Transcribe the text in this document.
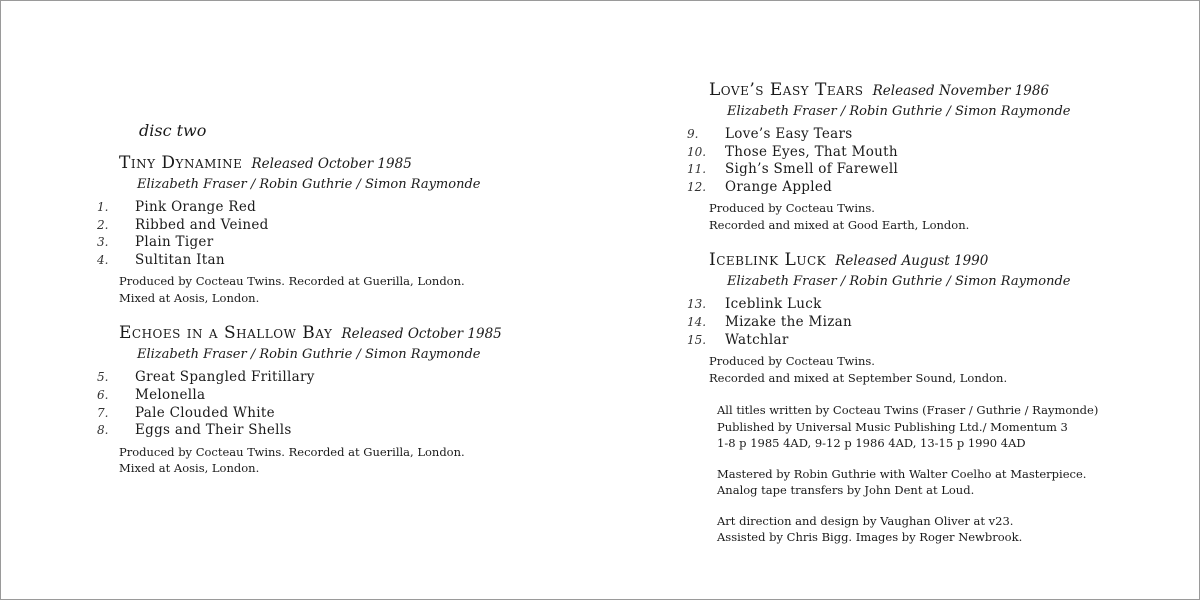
disc two
Tiny Dynamine Released October 1985
Elizabeth Fraser / Robin Guthrie / Simon Raymonde
1.	Pink Orange Red
2.	Ribbed and Veined
3.	Plain Tiger
4.	Sultitan Itan

Produced by Cocteau Twins. Recorded at Guerilla, London.

Mixed at Aosis, London.

Echoes in a Shallow Bay Released October 1985
Elizabeth Fraser / Robin Guthrie / Simon Raymonde
5.	Great Spangled Fritillary
6.	Melonella
7.	Pale Clouded White
8.	Eggs and Their Shells

Produced by Cocteau Twins. Recorded at Guerilla, London.

Mixed at Aosis, London.

Love’s Easy Tears Released November 1986
Elizabeth Fraser / Robin Guthrie / Simon Raymonde
9.	Love’s Easy Tears
10.	Those Eyes, That Mouth
11.	Sigh’s Smell of Farewell
12.	Orange Appled

Produced by Cocteau Twins.

Recorded and mixed at Good Earth, London.

Iceblink Luck Released August 1990
Elizabeth Fraser / Robin Guthrie / Simon Raymonde
13.	Iceblink Luck
14.	Mizake the Mizan
15.	Watchlar

Produced by Cocteau Twins.

Recorded and mixed at September Sound, London.

All titles written by Cocteau Twins (Fraser / Guthrie / Raymonde)

Published by Universal Music Publishing Ltd./ Momentum 3

1-8 p 1985 4AD, 9-12 p 1986 4AD, 13-15 p 1990 4AD

Mastered by Robin Guthrie with Walter Coelho at Masterpiece.

Analog tape transfers by John Dent at Loud.

Art direction and design by Vaughan Oliver at v23.

Assisted by Chris Bigg. Images by Roger Newbrook.
